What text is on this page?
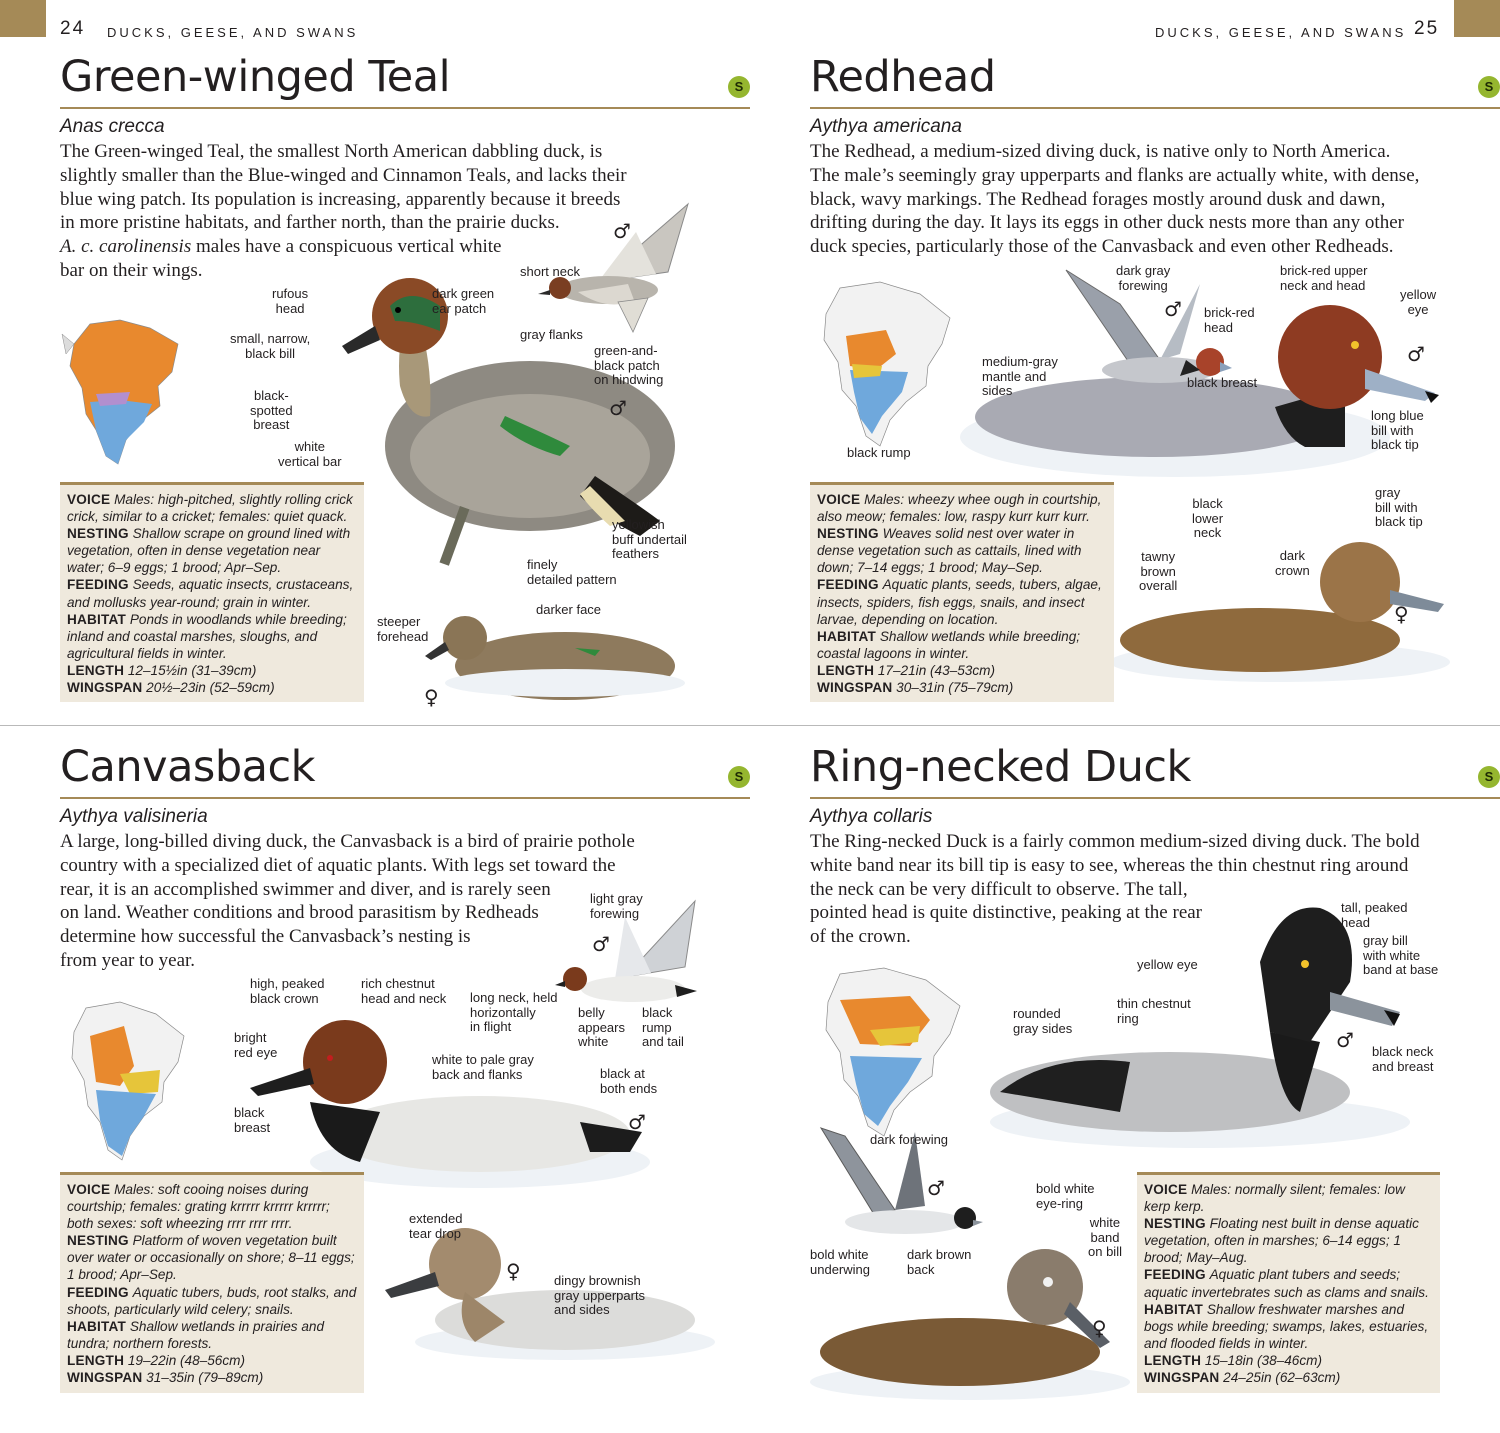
24 DUCKS, GEESE, AND SWANS	DUCKS, GEESE, AND SWANS 25
Green-winged Teal	S
Anas crecca
The Green-winged Teal, the smallest North American dabbling duck, is
slightly smaller than the Blue-winged and Cinnamon Teals, and lacks their
blue wing patch. Its population is increasing, apparently because it breeds
in more pristine habitats, and farther north, than the prairie ducks.
A. c. carolinensis males have a conspicuous vertical white
bar on their wings.
rufous
head
dark green
ear patch
small, narrow,
black bill
black-
spotted
breast
white
vertical bar
short neck
gray flanks
green-and-
black patch
on hindwing
yellowish
buff undertail
feathers
finely
detailed pattern
steeper
forehead
darker face
♂
♂
♀

VOICE Males: high-pitched, slightly rolling crick crick, similar to a cricket; females: quiet quack.

NESTING Shallow scrape on ground lined with vegetation, often in dense vegetation near water; 6–9 eggs; 1 brood; Apr–Sep.

FEEDING Seeds, aquatic insects, crustaceans, and mollusks year-round; grain in winter.

HABITAT Ponds in woodlands while breeding; inland and coastal marshes, sloughs, and agricultural fields in winter.

LENGTH 12–15½in (31–39cm)

WINGSPAN 20½–23in (52–59cm)

Redhead	S
Aythya americana
The Redhead, a medium-sized diving duck, is native only to North America.
The male’s seemingly gray upperparts and flanks are actually white, with dense,
black, wavy markings. The Redhead forages mostly around dusk and dawn,
drifting during the day. It lays its eggs in other duck nests more than any other
duck species, particularly those of the Canvasback and even other Redheads.
dark gray
forewing
brick-red upper
neck and head
yellow
eye
brick-red
head
medium-gray
mantle and
sides
black breast
long blue
bill with
black tip
black rump
gray
bill with
black tip
black
lower
neck
tawny
brown
overall
dark
crown
♂
♂
♀

VOICE Males: wheezy whee ough in courtship, also meow; females: low, raspy kurr kurr kurr.

NESTING Weaves solid nest over water in dense vegetation such as cattails, lined with down; 7–14 eggs; 1 brood; May–Sep.

FEEDING Aquatic plants, seeds, tubers, algae, insects, spiders, fish eggs, snails, and insect larvae, depending on location.

HABITAT Shallow wetlands while breeding; coastal lagoons in winter.

LENGTH 17–21in (43–53cm)

WINGSPAN 30–31in (75–79cm)

Canvasback	S
Aythya valisineria
A large, long-billed diving duck, the Canvasback is a bird of prairie pothole
country with a specialized diet of aquatic plants. With legs set toward the
rear, it is an accomplished swimmer and diver, and is rarely seen
on land. Weather conditions and brood parasitism by Redheads
determine how successful the Canvasback’s nesting is
from year to year.
light gray
forewing
high, peaked
black crown
rich chestnut
head and neck long neck, held
horizontally
in flight
belly
appears
white
black
rump
and tail
bright
red eye	white to pale gray
back and flanks	black at
both ends
black
breast
extended
tear drop
dingy brownish
gray upperparts
and sides
♂
♂
♀

VOICE Males: soft cooing noises during courtship; females: grating krrrrr krrrrr krrrrr; both sexes: soft wheezing rrrr rrrr rrrr.

NESTING Platform of woven vegetation built over water or occasionally on shore; 8–11 eggs; 1 brood; Apr–Sep.

FEEDING Aquatic tubers, buds, root stalks, and shoots, particularly wild celery; snails.

HABITAT Shallow wetlands in prairies and tundra; northern forests.

LENGTH 19–22in (48–56cm)

WINGSPAN 31–35in (79–89cm)

Ring-necked Duck	S
Aythya collaris
The Ring-necked Duck is a fairly common medium-sized diving duck. The bold
white band near its bill tip is easy to see, whereas the thin chestnut ring around
the neck can be very difficult to observe. The tall,
pointed head is quite distinctive, peaking at the rear
of the crown.
tall, peaked
head
gray bill
with white
band at base
yellow eye
rounded
gray sides
thin chestnut
ring
black neck
and breast
dark forewing
bold white
eye-ring
white
band
on bill
bold white
underwing
dark brown
back
♂
♂
♀

VOICE Males: normally silent; females: low kerp kerp.

NESTING Floating nest built in dense aquatic vegetation, often in marshes; 6–14 eggs; 1 brood; May–Aug.

FEEDING Aquatic plant tubers and seeds; aquatic invertebrates such as clams and snails.

HABITAT Shallow freshwater marshes and bogs while breeding; swamps, lakes, estuaries, and flooded fields in winter.

LENGTH 15–18in (38–46cm)

WINGSPAN 24–25in (62–63cm)
